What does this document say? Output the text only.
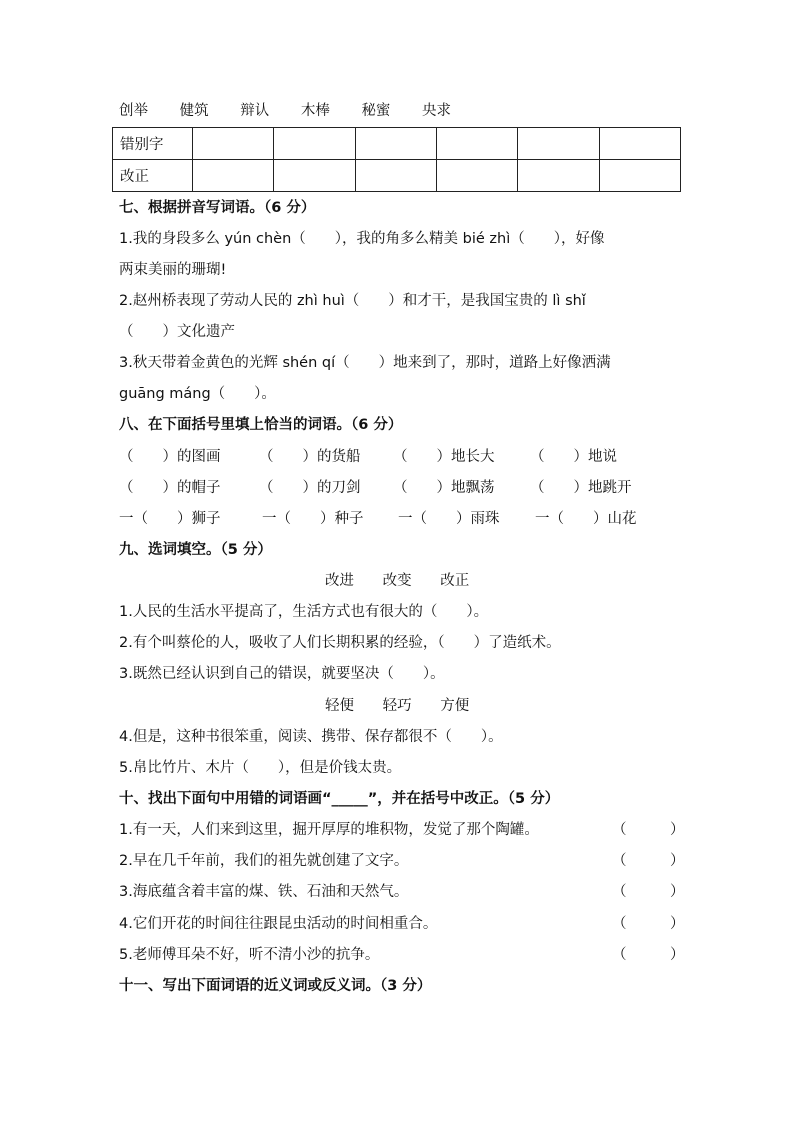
创举 健筑 辩认 木棒 秘蜜 央求
错别字						
改正						
七、根据拼音写词语。（6 分）
1.我的身段多么 yún chèn（　　），我的角多么精美 bié zhì（　　），好像
两束美丽的珊瑚!
2.赵州桥表现了劳动人民的 zhì huì（　　）和才干，是我国宝贵的 lì shǐ
（　　）文化遗产
3.秋天带着金黄色的光辉 shén qí（　　）地来到了，那时，道路上好像洒满
guāng máng（　　）。
八、在下面括号里填上恰当的词语。（6 分）
（　　）的图画	（　　）的货船 （　　）地长大 （　　）地说
（　　）的帽子	（　　）的刀剑 （　　）地飘荡 （　　）地跳开
一（　　）狮子	一（　　）种子 一（　　）雨珠 一（　　）山花
九、选词填空。（5 分）
改进 改变 改正
1.人民的生活水平提高了，生活方式也有很大的（　　）。
2.有个叫蔡伦的人，吸收了人们长期积累的经验，（　　）了造纸术。
3.既然已经认识到自己的错误，就要坚决（　　）。
轻便 轻巧 方便
4.但是，这种书很笨重，阅读、携带、保存都很不（　　）。
5.帛比竹片、木片（　　），但是价钱太贵。
十、找出下面句中用错的词语画“_____”，并在括号中改正。（5 分）
1.有一天，人们来到这里，掘开厚厚的堆积物，发觉了那个陶罐。	（　　　）
2.早在几千年前，我们的祖先就创建了文字。	（　　　）
3.海底蕴含着丰富的煤、铁、石油和天然气。	（　　　）
4.它们开花的时间往往跟昆虫活动的时间相重合。	（　　　）
5.老师傅耳朵不好，听不清小沙的抗争。	（　　　）
十一、写出下面词语的近义词或反义词。（3 分）
